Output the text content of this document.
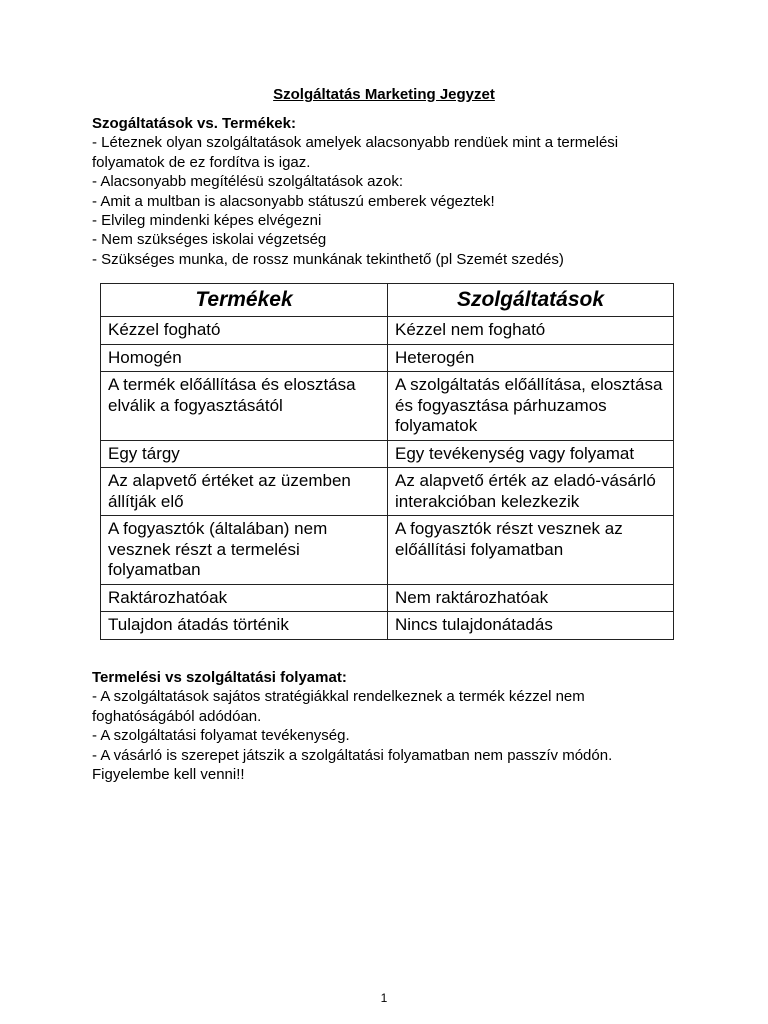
Szolgáltatás Marketing Jegyzet

Szogáltatások vs. Termékek:

- Léteznek olyan szolgáltatások amelyek alacsonyabb rendüek mint a termelési folyamatok de ez fordítva is igaz.

- Alacsonyabb megítélésü szolgáltatások azok:

- Amit a multban is alacsonyabb státuszú emberek végeztek!

- Elvileg mindenki képes elvégezni

- Nem szükséges iskolai végzetség

- Szükséges munka, de rossz munkának tekinthető (pl Szemét szedés)

Termékek	Szolgáltatások
Kézzel fogható	Kézzel nem fogható
Homogén	Heterogén
A termék előállítása és elosztása elválik a fogyasztásától	A szolgáltatás előállítása, elosztása és fogyasztása párhuzamos folyamatok
Egy tárgy	Egy tevékenység vagy folyamat
Az alapvető értéket az üzemben állítják elő	Az alapvető érték az eladó-vásárló interakcióban kelezkezik
A fogyasztók (általában) nem vesznek részt a termelési folyamatban	A fogyasztók részt vesznek az előállítási folyamatban
Raktározhatóak	Nem raktározhatóak
Tulajdon átadás történik	Nincs tulajdonátadás

Termelési vs szolgáltatási folyamat:

- A szolgáltatások sajátos stratégiákkal rendelkeznek a termék kézzel nem foghatóságából adódóan.

- A szolgáltatási folyamat tevékenység.

- A vásárló is szerepet játszik a szolgáltatási folyamatban nem passzív módón. Figyelembe kell venni!!

1
